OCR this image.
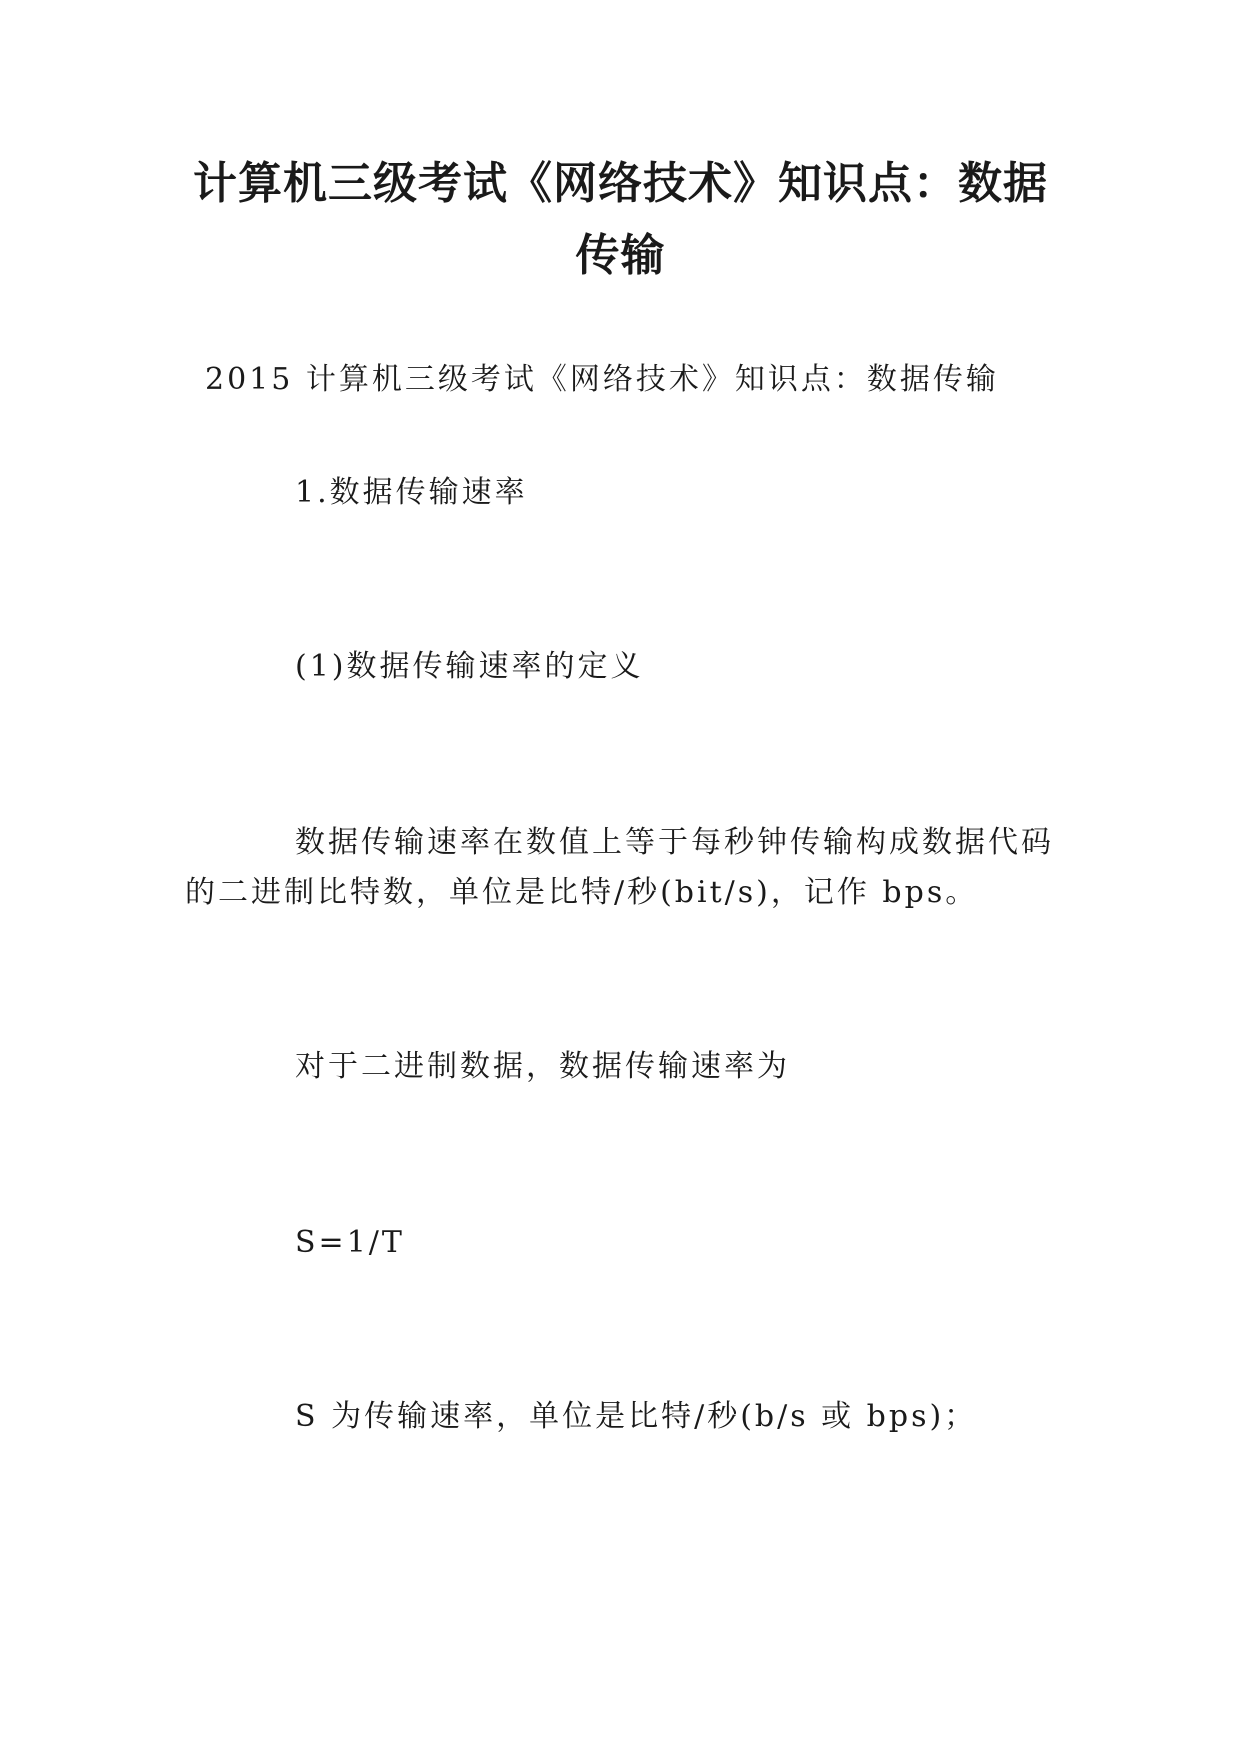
计算机三级考试《网络技术》知识点：数据
传输

2015 计算机三级考试《网络技术》知识点：数据传输

1.数据传输速率

(1)数据传输速率的定义

数据传输速率在数值上等于每秒钟传输构成数据代码的二进制比特数，单位是比特/秒(bit/s)，记作 bps。

对于二进制数据，数据传输速率为

S=1/T

S 为传输速率，单位是比特/秒(b/s 或 bps)；
